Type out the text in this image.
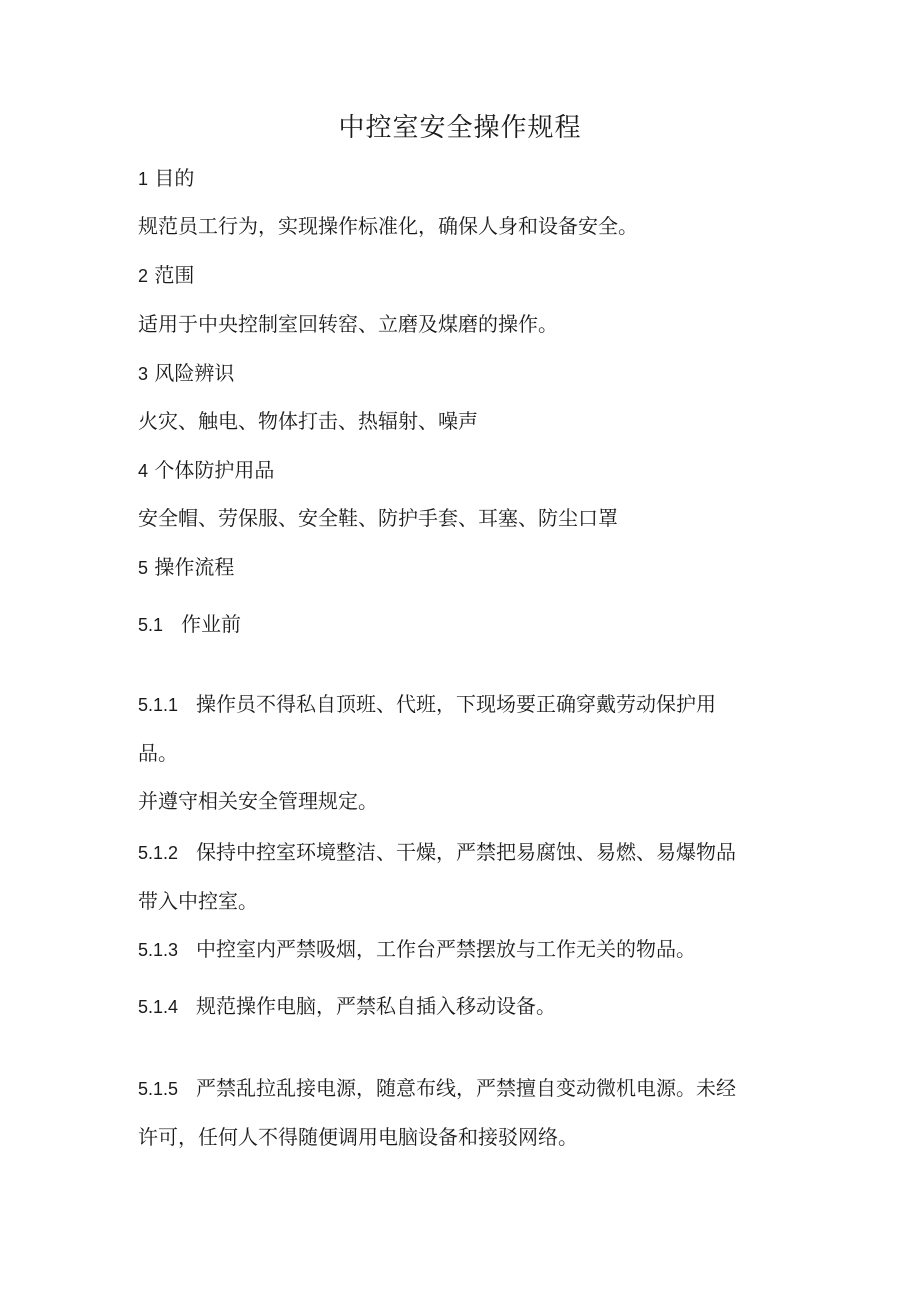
中控室安全操作规程
1 目的
规范员工行为，实现操作标准化，确保人身和设备安全。
2 范围
适用于中央控制室回转窑、立磨及煤磨的操作。
3 风险辨识
火灾、触电、物体打击、热辐射、噪声
4 个体防护用品
安全帽、劳保服、安全鞋、防护手套、耳塞、防尘口罩
5 操作流程
5.1 作业前
5.1.1 操作员不得私自顶班、代班，下现场要正确穿戴劳动保护用
品。
并遵守相关安全管理规定。
5.1.2 保持中控室环境整洁、干燥，严禁把易腐蚀、易燃、易爆物品
带入中控室。
5.1.3 中控室内严禁吸烟，工作台严禁摆放与工作无关的物品。
5.1.4 规范操作电脑，严禁私自插入移动设备。
5.1.5 严禁乱拉乱接电源，随意布线，严禁擅自变动微机电源。未经
许可，任何人不得随便调用电脑设备和接驳网络。
